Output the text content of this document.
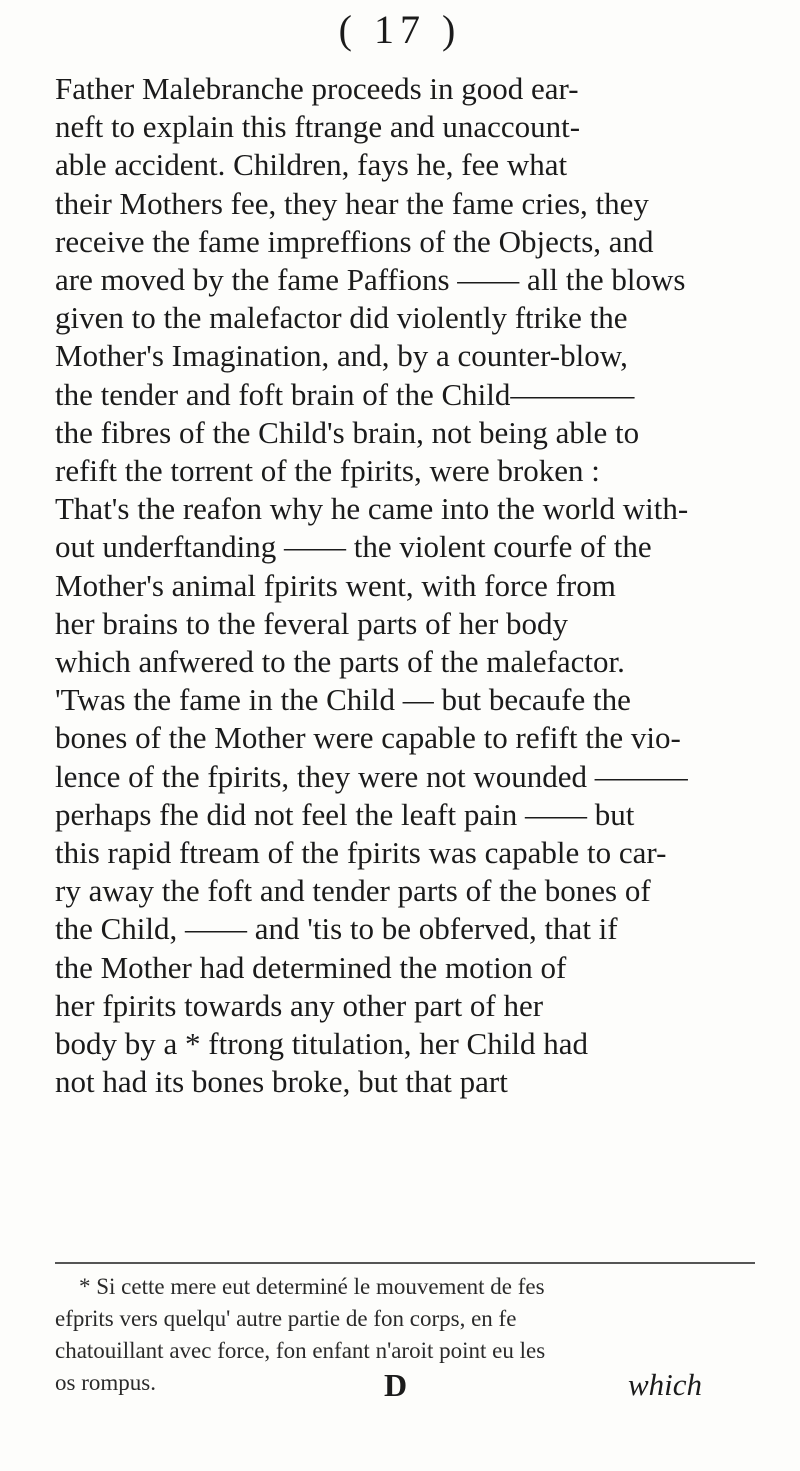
( 17 )
Father Malebranche proceeds in good ear-
neft to explain this ftrange and unaccount-
able accident. Children, fays he, fee what
their Mothers fee, they hear the fame cries, they
receive the fame impreffions of the Objects, and
are moved by the fame Paffions —— all the blows
given to the malefactor did violently ftrike the
Mother's Imagination, and, by a counter-blow,
the tender and foft brain of the Child————
the fibres of the Child's brain, not being able to
refift the torrent of the fpirits, were broken :
That's the reafon why he came into the world with-
out underftanding —— the violent courfe of the
Mother's animal fpirits went, with force from
her brains to the feveral parts of her body
which anfwered to the parts of the malefactor.
'Twas the fame in the Child — but becaufe the
bones of the Mother were capable to refift the vio-
lence of the fpirits, they were not wounded ———
perhaps fhe did not feel the leaft pain —— but
this rapid ftream of the fpirits was capable to car-
ry away the foft and tender parts of the bones of
the Child, —— and 'tis to be obferved, that if
the Mother had determined the motion of
her fpirits towards any other part of her
body by a * ftrong titulation, her Child had
not had its bones broke, but that part
* Si cette mere eut determiné le mouvement de fes
efprits vers quelqu' autre partie de fon corps, en fe
chatouillant avec force, fon enfant n'aroit point eu les
os rompus.	D	which
